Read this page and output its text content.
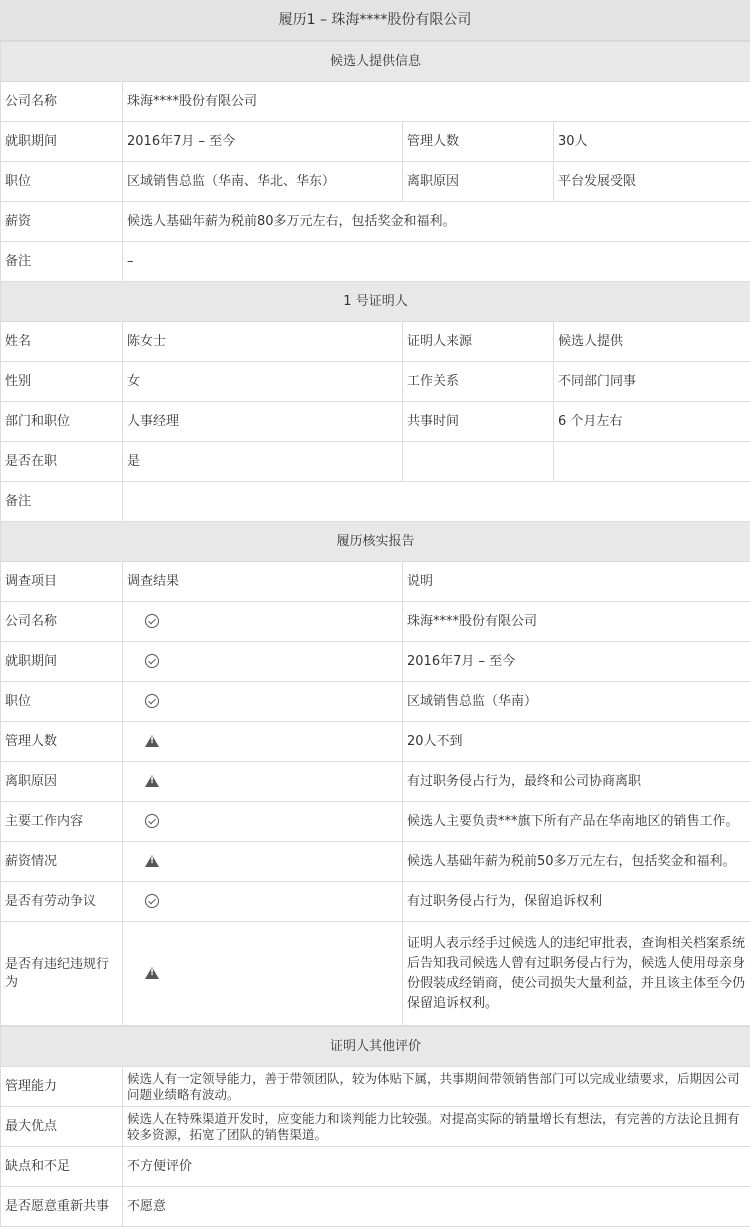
履历1 – 珠海****股份有限公司
候选人提供信息			
公司名称	珠海****股份有限公司		
就职期间	2016年7月 – 至今	管理人数	30人
职位	区域销售总监（华南、华北、华东）	离职原因	平台发展受限
薪资	候选人基础年薪为税前80多万元左右，包括奖金和福利。		
备注	–		
1 号证明人			
姓名	陈女士	证明人来源	候选人提供
性别	女	工作关系	不同部门同事
部门和职位	人事经理	共事时间	6 个月左右
是否在职	是		
备注			
履历核实报告			
调查项目	调查结果	说明	
公司名称		珠海****股份有限公司	
就职期间		2016年7月 – 至今	
职位		区域销售总监（华南）	
管理人数	!	20人不到	
离职原因	!	有过职务侵占行为，最终和公司协商离职	
主要工作内容		候选人主要负责***旗下所有产品在华南地区的销售工作。	
薪资情况	!	候选人基础年薪为税前50多万元左右，包括奖金和福利。	
是否有劳动争议		有过职务侵占行为，保留追诉权利	
是否有违纪违规行为	!	证明人表示经手过候选人的违纪审批表，查询相关档案系统后告知我司候选人曾有过职务侵占行为，候选人使用母亲身份假装成经销商，使公司损失大量利益，并且该主体至今仍保留追诉权利。	
证明人其他评价	
管理能力	候选人有一定领导能力，善于带领团队，较为体贴下属，共事期间带领销售部门可以完成业绩要求，后期因公司问题业绩略有波动。
最大优点	候选人在特殊渠道开发时，应变能力和谈判能力比较强。对提高实际的销量增长有想法，有完善的方法论且拥有较多资源，拓宽了团队的销售渠道。
缺点和不足	不方便评价
是否愿意重新共事	不愿意
